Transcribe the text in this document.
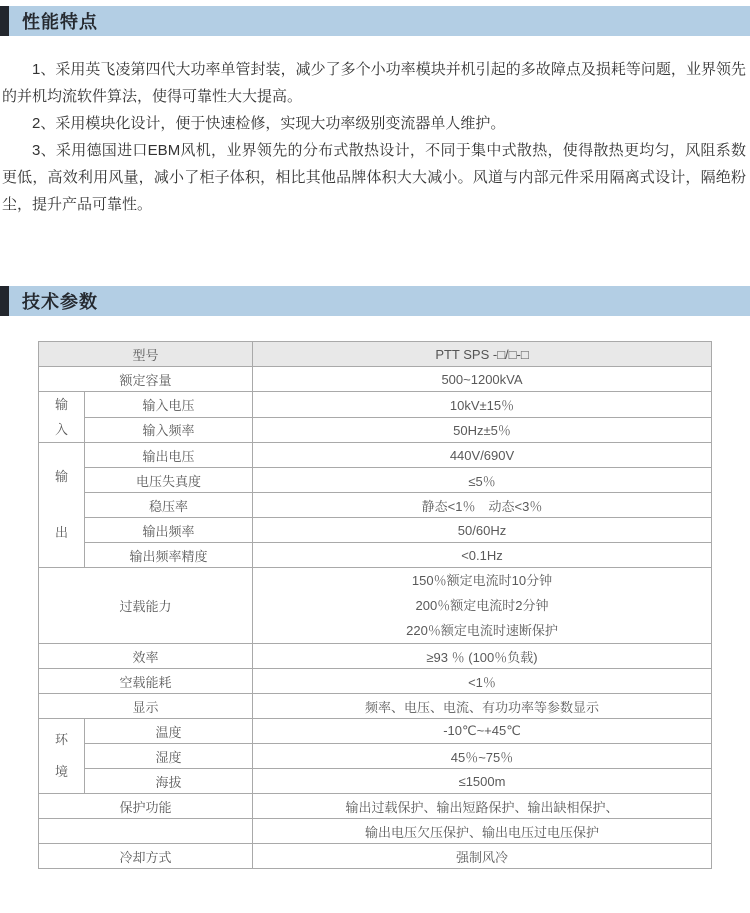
性能特点

1、采用英飞凌第四代大功率单管封装，减少了多个小功率模块并机引起的多故障点及损耗等问题，业界领先的并机均流软件算法，使得可靠性大大提高。

2、采用模块化设计，便于快速检修，实现大功率级别变流器单人维护。

3、采用德国进口EBM风机，业界领先的分布式散热设计，不同于集中式散热，使得散热更均匀，风阻系数更低，高效利用风量，减小了柜子体积，相比其他品牌体积大大减小。风道与内部元件采用隔离式设计，隔绝粉尘，提升产品可靠性。

技术参数
型号		PTT SPS -□/□-□
额定容量		500~1200kVA
输入	输入电压	10kV±15％
	输入频率	50Hz±5％
输出	输出电压	440V/690V
	电压失真度	≤5％
	稳压率	静态<1％　动态<3％
	输出频率	50/60Hz
	输出频率精度	<0.1Hz
过载能力		150％额定电流时10分钟
200％额定电流时2分钟
220％额定电流时速断保护

效率		≥93 ％ (100％负载)
空载能耗		<1％
显示		频率、电压、电流、有功功率等参数显示
环境	温度	-10℃~+45℃
	湿度	45％~75％
	海拔	≤1500m
保护功能		输出过载保护、输出短路保护、输出缺相保护、
		输出电压欠压保护、输出电压过电压保护
冷却方式		强制风冷
